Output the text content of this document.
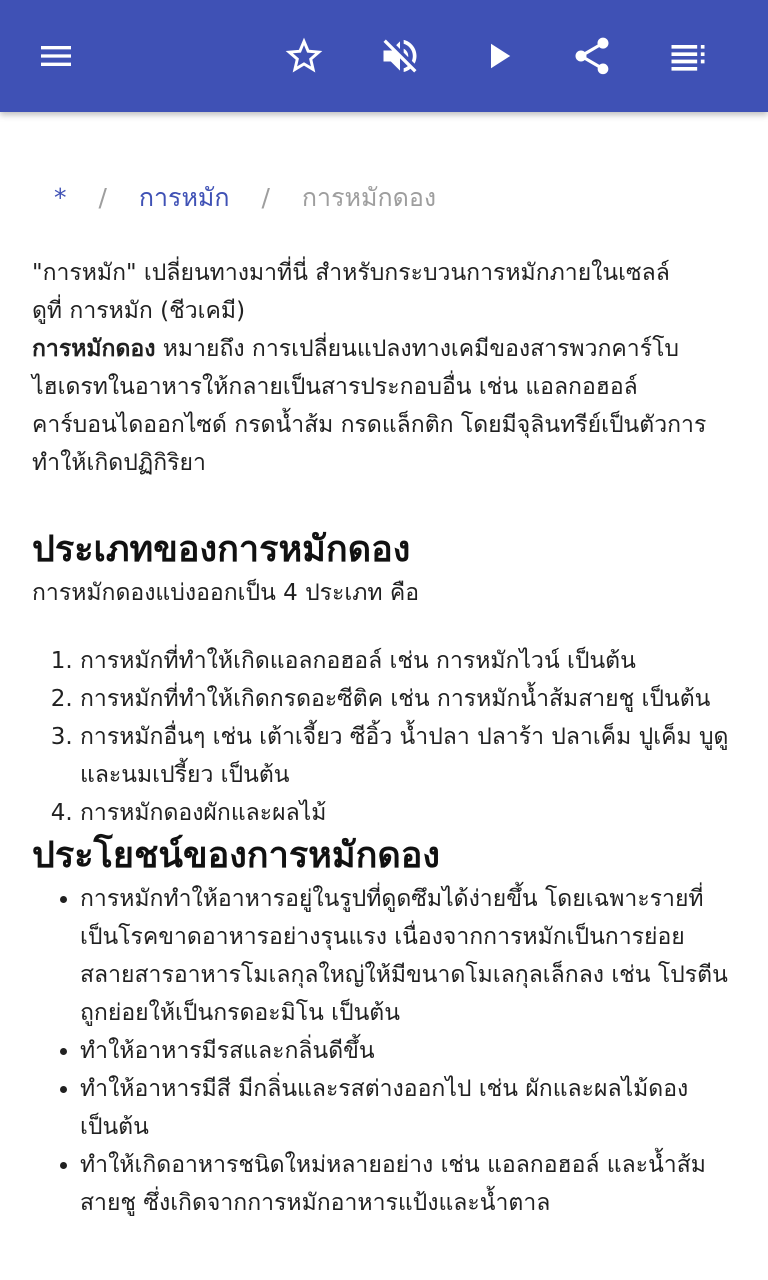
* / การหมัก / การหมักดอง

"การหมัก" เปลี่ยนทางมาที่นี่ สำหรับกระบวนการหมักภายในเซลล์

ดูที่ การหมัก (ชีวเคมี)

การหมักดอง หมายถึง การเปลี่ยนแปลงทางเคมีของสารพวกคาร์โบไฮเดรทในอาหารให้กลายเป็นสารประกอบอื่น เช่น แอลกอฮอล์ คาร์บอนไดออกไซด์ กรดน้ำส้ม กรดแล็กติก โดยมีจุลินทรีย์เป็นตัวการทำให้เกิดปฏิกิริยา

ประเภทของการหมักดอง

การหมักดองแบ่งออกเป็น 4 ประเภท คือ

1. การหมักที่ทำให้เกิดแอลกอฮอล์ เช่น การหมักไวน์ เป็นต้น
2. การหมักที่ทำให้เกิดกรดอะซีติค เช่น การหมักน้ำส้มสายชู เป็นต้น
3. การหมักอื่นๆ เช่น เต้าเจี้ยว ซีอิ้ว น้ำปลา ปลาร้า ปลาเค็ม ปูเค็ม บูดู และนมเปรี้ยว เป็นต้น
4. การหมักดองผักและผลไม้
ประโยชน์ของการหมักดอง
• การหมักทำให้อาหารอยู่ในรูปที่ดูดซึมได้ง่ายขึ้น โดยเฉพาะรายที่เป็นโรคขาดอาหารอย่างรุนแรง เนื่องจากการหมักเป็นการย่อยสลายสารอาหารโมเลกุลใหญ่ให้มีขนาดโมเลกุลเล็กลง เช่น โปรตีน ถูกย่อยให้เป็นกรดอะมิโน เป็นต้น
• ทำให้อาหารมีรสและกลิ่นดีขึ้น
• ทำให้อาหารมีสี มีกลิ่นและรสต่างออกไป เช่น ผักและผลไม้ดอง เป็นต้น
• ทำให้เกิดอาหารชนิดใหม่หลายอย่าง เช่น แอลกอฮอล์ และน้ำส้มสายชู ซึ่งเกิดจากการหมักอาหารแป้งและน้ำตาล
